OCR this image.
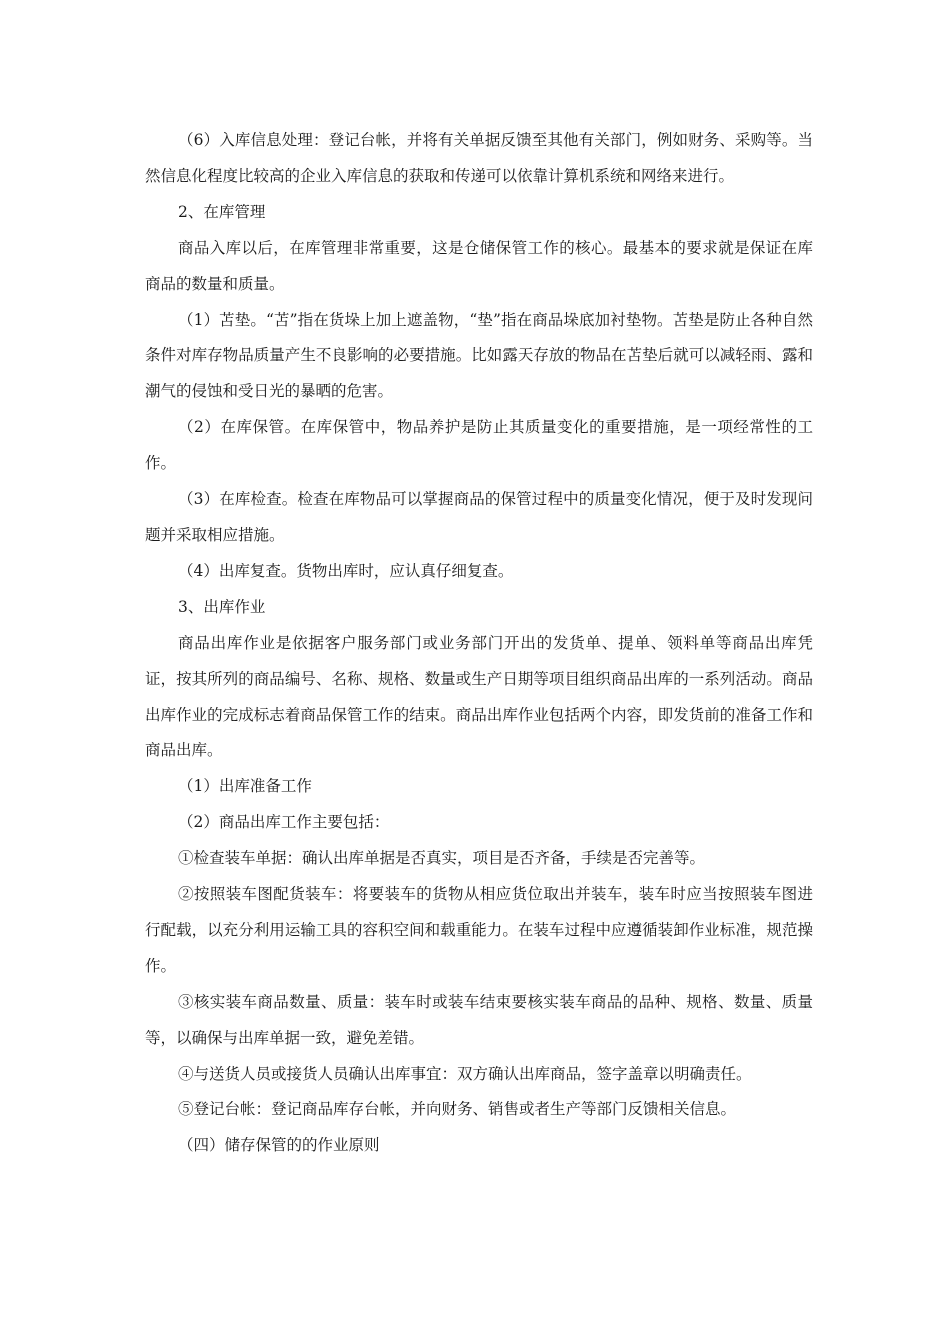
（6）入库信息处理：登记台帐，并将有关单据反馈至其他有关部门，例如财务、采购等。当然信息化程度比较高的企业入库信息的获取和传递可以依靠计算机系统和网络来进行。

2、在库管理

商品入库以后，在库管理非常重要，这是仓储保管工作的核心。最基本的要求就是保证在库商品的数量和质量。

（1）苫垫。“苫”指在货垛上加上遮盖物，“垫”指在商品垛底加衬垫物。苫垫是防止各种自然条件对库存物品质量产生不良影响的必要措施。比如露天存放的物品在苫垫后就可以减轻雨、露和潮气的侵蚀和受日光的暴晒的危害。

（2）在库保管。在库保管中，物品养护是防止其质量变化的重要措施，是一项经常性的工作。

（3）在库检查。检查在库物品可以掌握商品的保管过程中的质量变化情况，便于及时发现问题并采取相应措施。

（4）出库复查。货物出库时，应认真仔细复查。

3、出库作业

商品出库作业是依据客户服务部门或业务部门开出的发货单、提单、领料单等商品出库凭证，按其所列的商品编号、名称、规格、数量或生产日期等项目组织商品出库的一系列活动。商品出库作业的完成标志着商品保管工作的结束。商品出库作业包括两个内容，即发货前的准备工作和商品出库。

（1）出库准备工作

（2）商品出库工作主要包括：

①检查装车单据：确认出库单据是否真实，项目是否齐备，手续是否完善等。

②按照装车图配货装车：将要装车的货物从相应货位取出并装车，装车时应当按照装车图进行配载，以充分利用运输工具的容积空间和载重能力。在装车过程中应遵循装卸作业标准，规范操作。

③核实装车商品数量、质量：装车时或装车结束要核实装车商品的品种、规格、数量、质量等，以确保与出库单据一致，避免差错。

④与送货人员或接货人员确认出库事宜：双方确认出库商品，签字盖章以明确责任。

⑤登记台帐：登记商品库存台帐，并向财务、销售或者生产等部门反馈相关信息。

（四）储存保管的的作业原则
